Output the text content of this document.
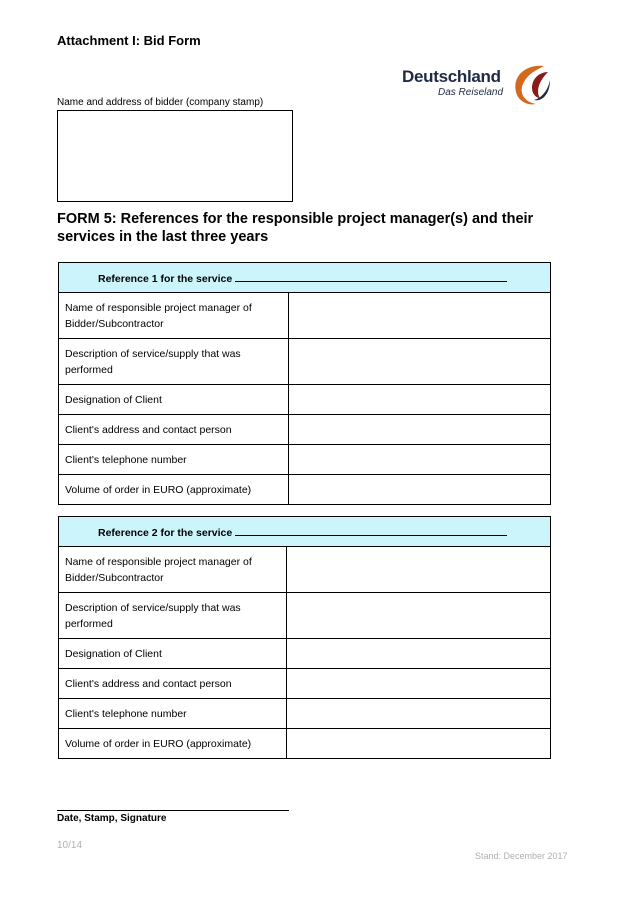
Attachment I: Bid Form
Deutschland
Das Reiseland
Name and address of bidder (company stamp)
FORM 5: References for the responsible project manager(s) and their services in the last three years
Reference 1 for the service	
Name of responsible project manager of Bidder/Subcontractor	
Description of service/supply that was performed	
Designation of Client	
Client's address and contact person	
Client's telephone number	
Volume of order in EURO (approximate)	
Reference 2 for the service	
Name of responsible project manager of Bidder/Subcontractor	
Description of service/supply that was performed	
Designation of Client	
Client's address and contact person	
Client's telephone number	
Volume of order in EURO (approximate)	
Date, Stamp, Signature
10/14
Stand: December 2017
